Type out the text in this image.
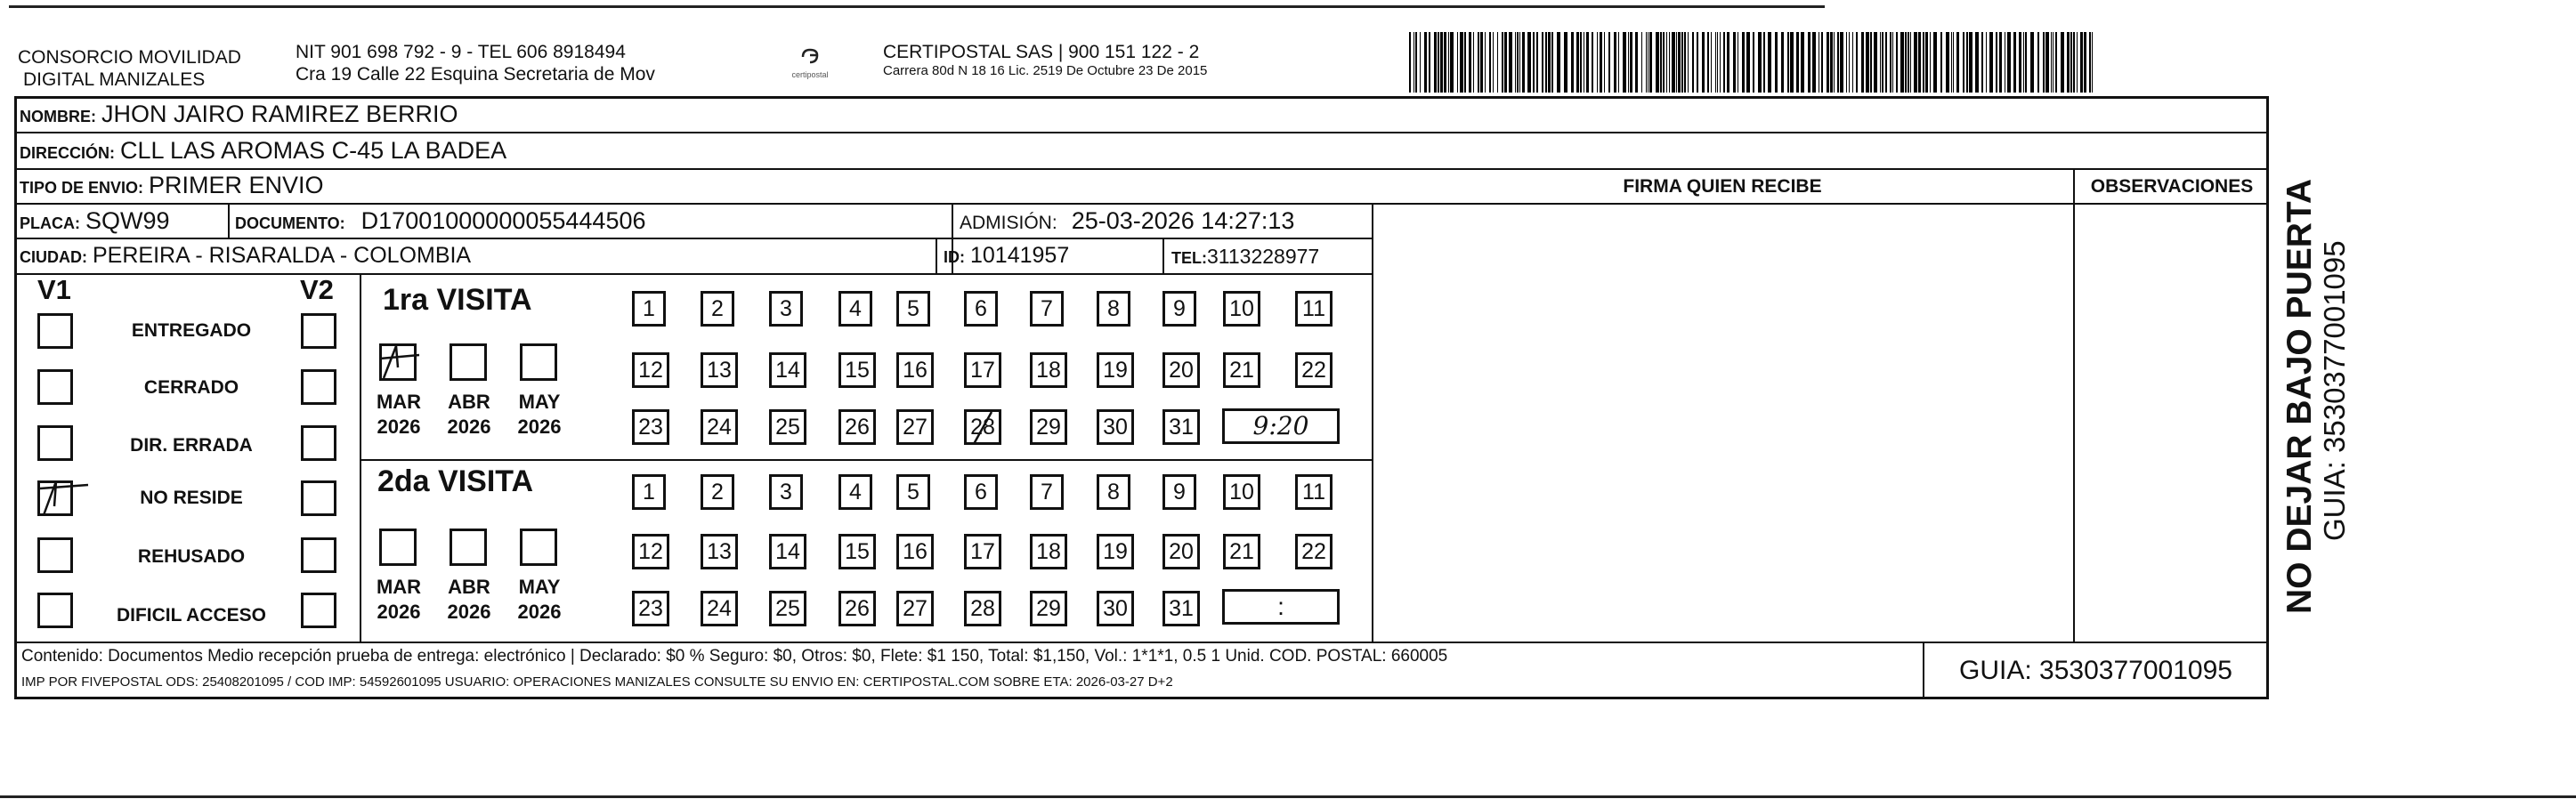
CONSORCIO MOVILIDAD
DIGITAL MANIZALES
NIT 901 698 792 - 9 - TEL 606 8918494
Cra 19 Calle 22 Esquina Secretaria de Mov	certipostal
CERTIPOSTAL SAS | 900 151 122 - 2
Carrera 80d N 18 16 Lic. 2519 De Octubre 23 De 2015
NOMBRE: JHON JAIRO RAMIREZ BERRIO
DIRECCIÓN: CLL LAS AROMAS C-45 LA BADEA
TIPO DE ENVIO: PRIMER ENVIO	FIRMA QUIEN RECIBE	OBSERVACIONES
PLACA: SQW99	DOCUMENTO: D17001000000055444506	ADMISIÓN: 25-03-2026 14:27:13
CIUDAD: PEREIRA - RISARALDA - COLOMBIA	ID: 10141957	TEL: 3113228977
V1	V2
ENTREGADO
CERRADO
DIR. ERRADA
NO RESIDE
REHUSADO
DIFICIL ACCESO
1ra VISITA
2da VISITA
MAR
2026
ABR
2026
MAY
2026
MAR
2026
ABR
2026
MAY
2026
1	2	3	4	5	6	7	8	9	10	11
12 13 14 15 16 17 18 19 20 21 22
23 24 25 26 27 28 29 30 31
1	2	3	4	5	6	7	8	9	10	11
12 13 14 15 16 17 18 19 20 21 22
23 24 25 26 27 28 29 30 31
9:20
:
Contenido: Documentos Medio recepción prueba de entrega: electrónico | Declarado: $0 % Seguro: $0, Otros: $0, Flete: $1 150, Total: $1,150, Vol.: 1*1*1, 0.5 1 Unid. COD. POSTAL: 660005
IMP POR FIVEPOSTAL ODS: 25408201095 / COD IMP: 54592601095 USUARIO: OPERACIONES MANIZALES CONSULTE SU ENVIO EN: CERTIPOSTAL.COM SOBRE ETA: 2026-03-27 D+2	GUIA: 3530377001095
NO DEJAR BAJO PUERTA GUIA: 3530377001095
